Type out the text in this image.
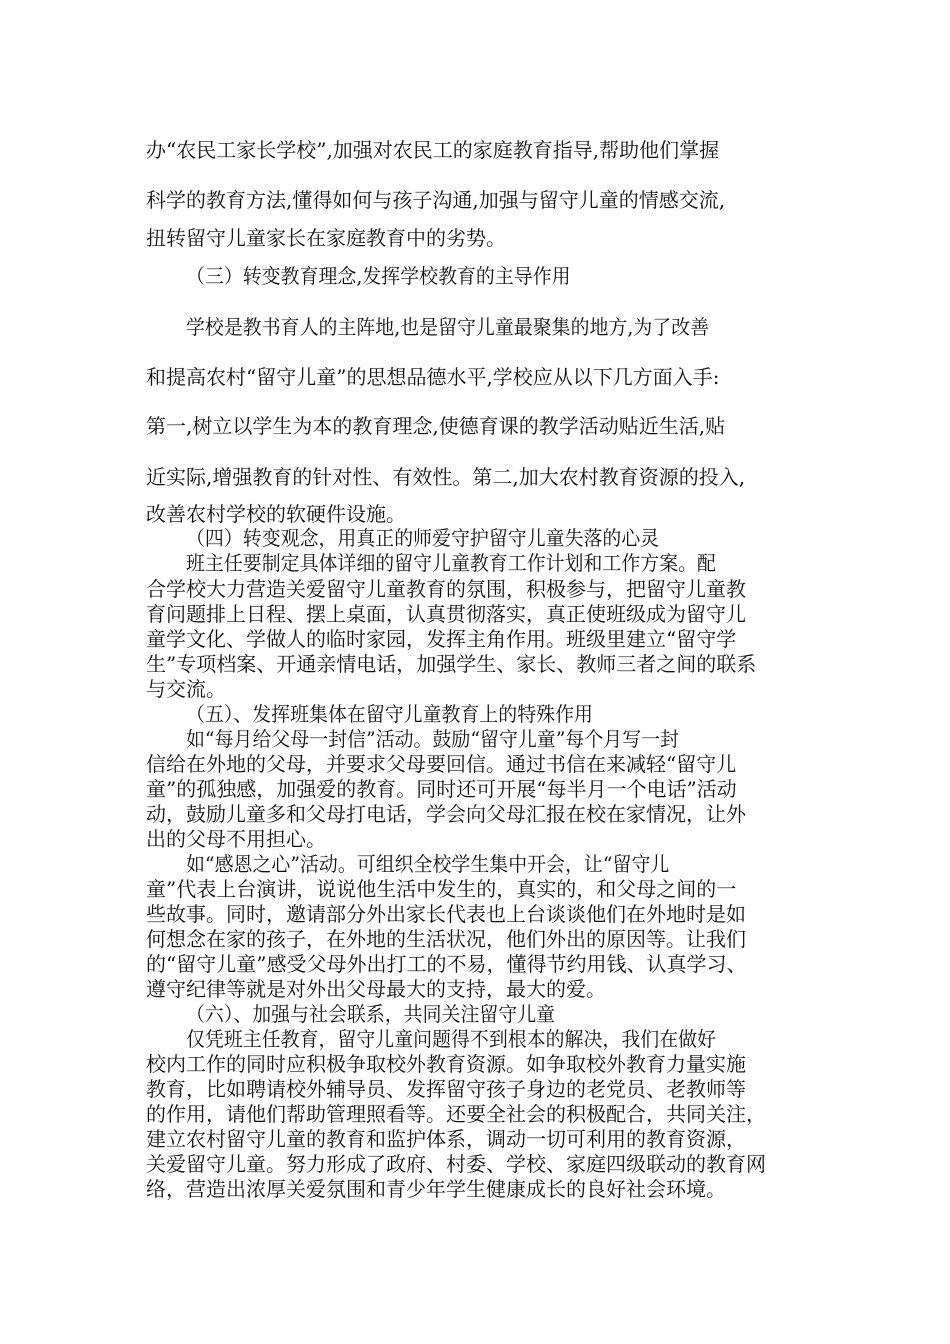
办“农民工家长学校”,加强对农民工的家庭教育指导,帮助他们掌握
科学的教育方法,懂得如何与孩子沟通,加强与留守儿童的情感交流,
扭转留守儿童家长在家庭教育中的劣势。
（三）转变教育理念,发挥学校教育的主导作用
学校是教书育人的主阵地,也是留守儿童最聚集的地方,为了改善
和提高农村“留守儿童”的思想品德水平,学校应从以下几方面入手:
第一,树立以学生为本的教育理念,使德育课的教学活动贴近生活,贴
近实际,增强教育的针对性、有效性。第二,加大农村教育资源的投入,
改善农村学校的软硬件设施。
（四）转变观念，用真正的师爱守护留守儿童失落的心灵
班主任要制定具体详细的留守儿童教育工作计划和工作方案。配
合学校大力营造关爱留守儿童教育的氛围，积极参与，把留守儿童教
育问题排上日程、摆上桌面，认真贯彻落实，真正使班级成为留守儿
童学文化、学做人的临时家园，发挥主角作用。班级里建立“留守学
生”专项档案、开通亲情电话，加强学生、家长、教师三者之间的联系
与交流。
（五）、发挥班集体在留守儿童教育上的特殊作用
如“每月给父母一封信”活动。鼓励“留守儿童”每个月写一封
信给在外地的父母，并要求父母要回信。通过书信在来减轻“留守儿
童”的孤独感，加强爱的教育。同时还可开展“每半月一个电话”活动
动，鼓励儿童多和父母打电话，学会向父母汇报在校在家情况，让外
出的父母不用担心。
如“感恩之心”活动。可组织全校学生集中开会，让“留守儿
童”代表上台演讲，说说他生活中发生的，真实的，和父母之间的一
些故事。同时，邀请部分外出家长代表也上台谈谈他们在外地时是如
何想念在家的孩子，在外地的生活状况，他们外出的原因等。让我们
的“留守儿童”感受父母外出打工的不易，懂得节约用钱、认真学习、
遵守纪律等就是对外出父母最大的支持，最大的爱。
（六）、加强与社会联系，共同关注留守儿童
仅凭班主任教育，留守儿童问题得不到根本的解决，我们在做好
校内工作的同时应积极争取校外教育资源。如争取校外教育力量实施
教育，比如聘请校外辅导员、发挥留守孩子身边的老党员、老教师等
的作用，请他们帮助管理照看等。还要全社会的积极配合，共同关注，
建立农村留守儿童的教育和监护体系，调动一切可利用的教育资源，
关爱留守儿童。努力形成了政府、村委、学校、家庭四级联动的教育网
络，营造出浓厚关爱氛围和青少年学生健康成长的良好社会环境。
